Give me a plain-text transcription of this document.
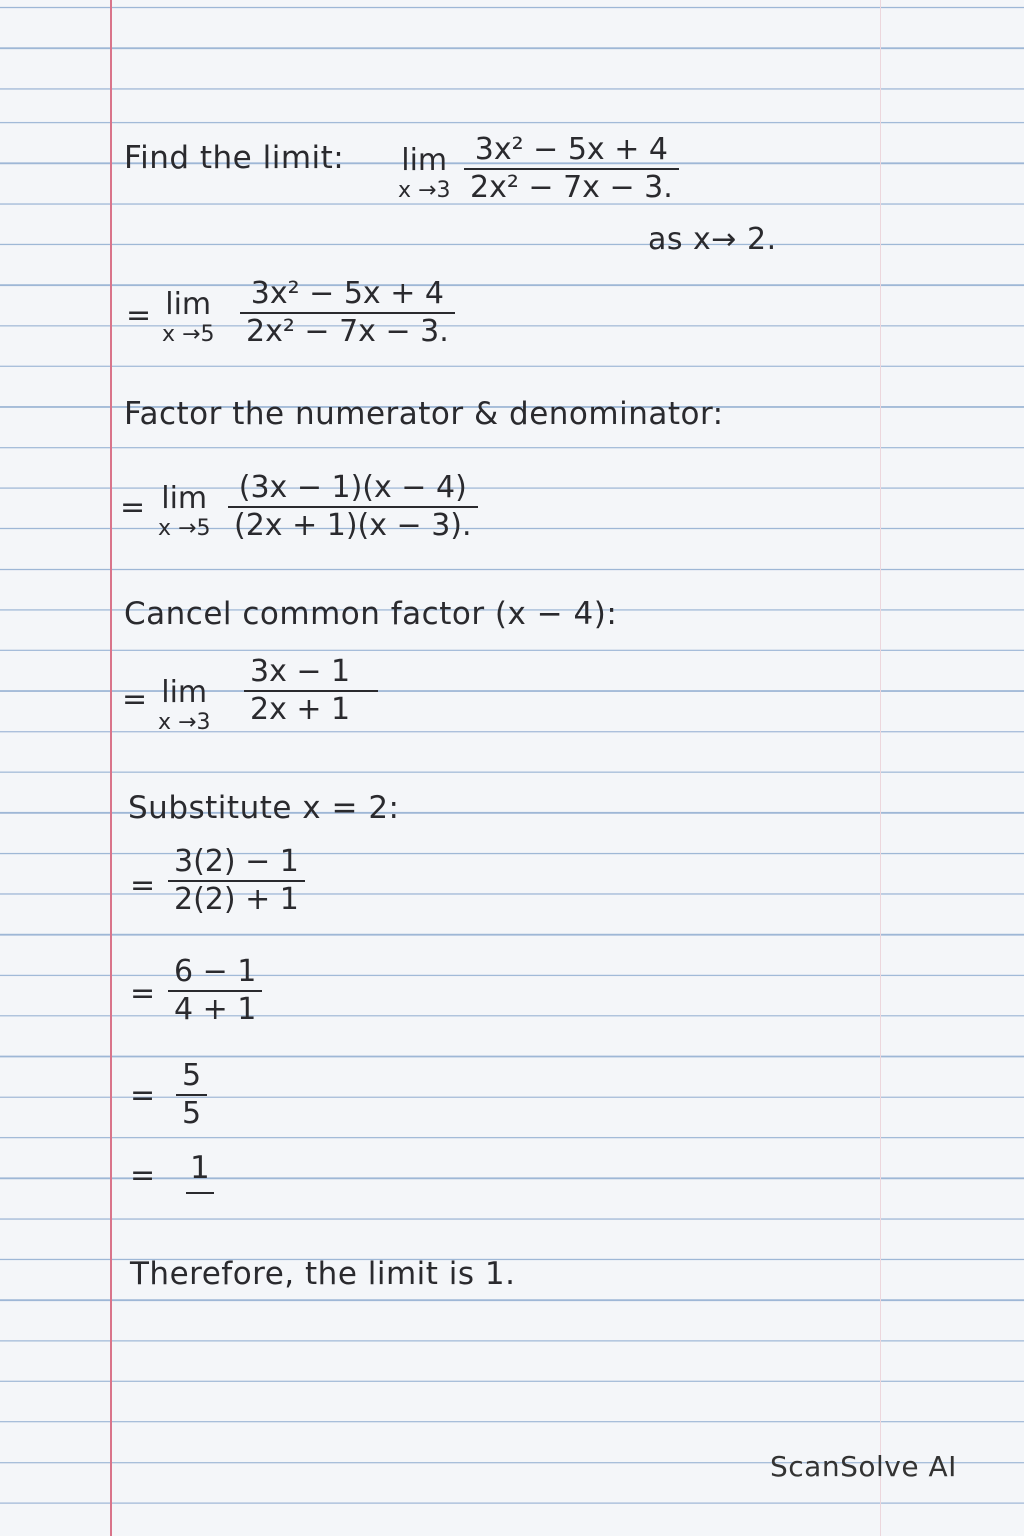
Find the limit: lim
x →3
3x² − 5x + 4
2x² − 7x − 3.
as x→ 2.
= lim
x →5
3x² − 5x + 4
2x² − 7x − 3.
Factor the numerator & denominator:
= lim
x →5
(3x − 1)(x − 4)
(2x + 1)(x − 3).
Cancel common factor (x − 4):
= lim
x →3
3x − 1
2x + 1
Substitute x = 2:
=
3(2) − 1
2(2) + 1
=
6 − 1
4 + 1
=
5
5
= 1
Therefore, the limit is 1.
ScanSolve AI
